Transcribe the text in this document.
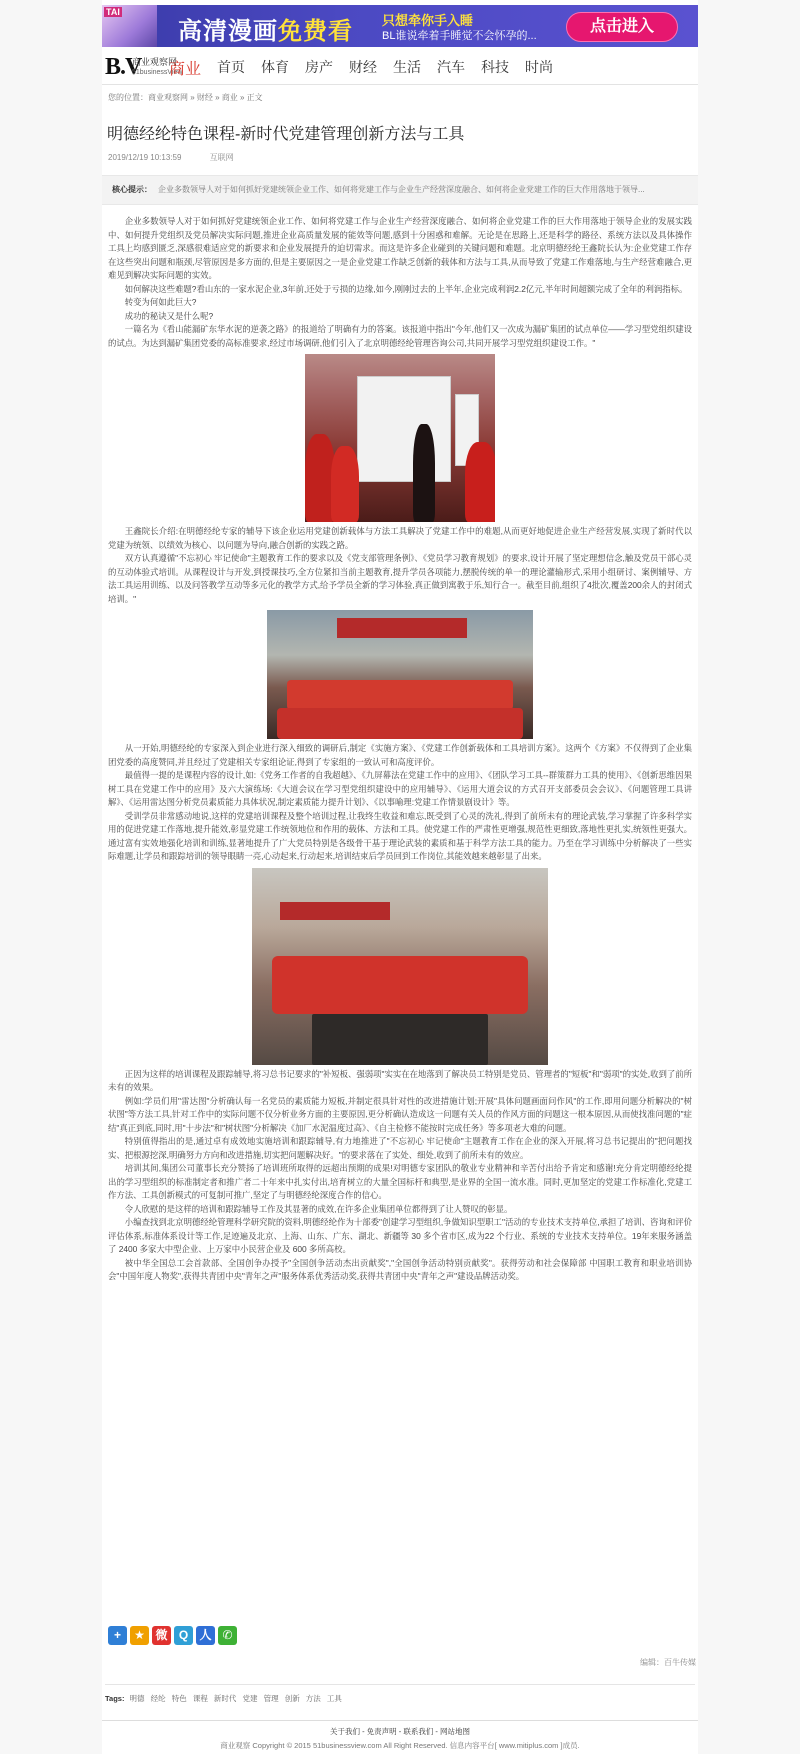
TAI
高清漫画免费看 只想牵你手入睡
BL谁说牵着手睡觉不会怀孕的...
点击进入
B.V
商业观察网
51businessView
商业 首页 体育 房产 财经 生活 汽车 科技 时尚
您的位置：商业观察网 » 财经 » 商业 » 正文
明德经纶特色课程-新时代党建管理创新方法与工具
2019/12/19 10:13:59	互联网
核心提示： 企业多数领导人对于如何抓好党建统领企业工作、如何将党建工作与企业生产经营深度融合、如何将企业党建工作的巨大作用落地于领导...

企业多数领导人对于如何抓好党建统领企业工作、如何将党建工作与企业生产经营深度融合、如何将企业党建工作的巨大作用落地于领导企业的发展实践中、如何提升党组织及党员解决实际问题,推进企业高质量发展的能效等问题,感到十分困惑和难解。无论是在思路上,还是科学的路径、系统方法以及具体操作工具上均感到匮乏,深感很难适应党的新要求和企业发展提升的迫切需求。而这是许多企业碰到的关键问题和难题。北京明德经纶王鑫院长认为:企业党建工作存在这些突出问题和瓶颈,尽管原因是多方面的,但是主要原因之一是企业党建工作缺乏创新的载体和方法与工具,从而导致了党建工作难落地,与生产经营难融合,更难见到解决实际问题的实效。

如何解决这些难题?看山东的一家水泥企业,3年前,还处于亏损的边缘,如今,刚刚过去的上半年,企业完成利润2.2亿元,半年时间超额完成了全年的利润指标。

转变为何如此巨大?

成功的秘诀又是什么呢?

一篇名为《看山能漏矿东华水泥的逆袭之路》的报道给了明确有力的答案。该报道中指出"今年,他们又一次成为漏矿集团的试点单位——学习型党组织建设的试点。为达到漏矿集团党委的高标准要求,经过市场调研,他们引入了北京明德经纶管理咨询公司,共同开展学习型党组织建设工作。"

王鑫院长介绍:在明德经纶专家的辅导下该企业运用党建创新载体与方法工具解决了党建工作中的难题,从而更好地促进企业生产经营发展,实现了新时代以党建为统领、以绩效为核心、以问题为导向,融合创新的实践之路。

双方认真遵循"不忘初心 牢记使命"主题教育工作的要求以及《党支部管理条例》、《党员学习教育规划》的要求,设计开展了坚定理想信念,触及党员干部心灵的互动体验式培训。从课程设计与开发,到授课技巧,全方位紧扣当前主题教育,提升学员各项能力,摆脱传统的单一的理论灌输形式,采用小组研讨、案例辅导、方法工具运用训练、以及问答教学互动等多元化的教学方式,给予学员全新的学习体验,真正做到寓教于乐,知行合一。截至目前,组织了4批次,覆盖200余人的封闭式培训。"

从一开始,明德经纶的专家深入到企业进行深入细致的调研后,制定《实施方案》、《党建工作创新载体和工具培训方案》。这两个《方案》不仅得到了企业集团党委的高度赞同,并且经过了党建相关专家组论证,得到了专家组的一致认可和高度评价。

最值得一提的是课程内容的设计,如:《党务工作者的自我超越》、《九屏幕法在党建工作中的应用》、《团队学习工具--群策群力工具的使用》、《创新思维因果树工具在党建工作中的应用》及六大演练场:《大道会议在学习型党组织建设中的应用辅导》、《运用大道会议的方式召开支部委员会会议》、《问题管理工具讲解》、《运用雷达图分析党员素质能力具体状况,制定素质能力提升计划》、《以事喻理:党建工作情景剧设计》等。

受训学员非常感动地说,这样的党建培训课程及整个培训过程,让我终生收益和难忘,既受到了心灵的洗礼,得到了前所未有的理论武装,学习掌握了许多科学实用的促进党建工作落地,提升能效,彰显党建工作统领地位和作用的载体、方法和工具。使党建工作的严肃性更增强,规范性更细致,落地性更扎实,统领性更强大。通过富有实效地强化培训和训练,显著地提升了广大党员特别是各级骨干基于理论武装的素质和基于科学方法工具的能力。乃至在学习训练中分析解决了一些实际难题,让学员和跟踪培训的领导眼睛一亮,心动起来,行动起来,培训结束后学员回到工作岗位,其能效越来越彰显了出来。

正因为这样的培训课程及跟踪辅导,将习总书记要求的"补短板、强弱项"实实在在地落到了解决员工特别是党员、管理者的"短板"和"弱项"的实处,收到了前所未有的效果。

例如:学员们用"雷达图"分析确认每一名党员的素质能力短板,并制定很具针对性的改进措施计划;开展"具体问题画面问作风"的工作,即用问题分析解决的"树状图"等方法工具,针对工作中的实际问题不仅分析业务方面的主要原因,更分析确认造成这一问题有关人员的作风方面的问题这一根本原因,从而使找准问题的"症结"真正到底,同时,用"十步法"和"树状图"分析解决《加厂水泥温度过高》、《自主检修不能按时完成任务》等多项老大难的问题。

特别值得指出的是,通过卓有成效地实施培训和跟踪辅导,有力地推进了"不忘初心 牢记使命"主题教育工作在企业的深入开展,将习总书记提出的"把问题找实、把根源挖深,明确努力方向和改进措施,切实把问题解决好。"的要求落在了实处、细处,收到了前所未有的效应。

培训其间,集团公司董事长充分赞扬了培训班所取得的远超出预期的成果!对明德专家团队的敬业专业精神和辛苦付出给予肯定和感谢!充分肯定明德经纶提出的学习型组织的标准制定者和推广者二十年来中扎实付出,培育树立的大量全国标杆和典型,是业界的全国一流水准。同时,更加坚定的党建工作标准化,党建工作方法、工具创新模式的可复制可推广,坚定了与明德经纶深度合作的信心。

令人欣慰的是这样的培训和跟踪辅导工作及其显著的成效,在许多企业集团单位都得到了让人赞叹的彰显。

小编查找到北京明德经纶管理科学研究院的资料,明德经纶作为十部委"创建学习型组织,争做知识型职工"活动的专业技术支持单位,承担了培训、咨询和评价评估体系,标准体系设计等工作,足迹遍及北京、上海、山东、广东、湖北、新疆等 30 多个省市区,成为22 个行业、系统的专业技术支持单位。19年来服务涵盖了 2400 多家大中型企业、上万家中小民营企业及 600 多所高校。

被中华全国总工会首款部、全国创争办授予"全国创争活动杰出贡献奖","全国创争活动特别贡献奖"。获得劳动和社会保障部 中国职工教育和职业培训协会"中国年度人物奖",获得共青团中央"青年之声"服务体系优秀活动奖,获得共青团中央"青年之声"建设品牌活动奖。

+	★ 微 Q 人 ✆
编辑：百牛传媒
Tags: 明德 经纶 特色 课程 新时代 党建 管理 创新 方法 工具
关于我们 - 免责声明 - 联系我们 - 网站地图
商业观察 Copyright © 2015 51businessview.com All Right Reserved. 信息内容平台[ www.mitiplus.com ]成员.
